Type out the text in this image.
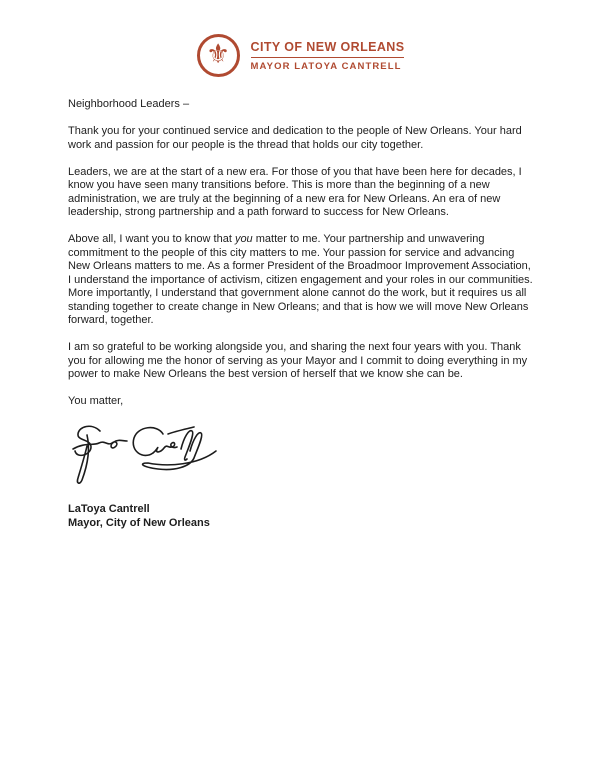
⚜ CITY OF NEW ORLEANS
MAYOR LATOYA CANTRELL

Neighborhood Leaders –

Thank you for your continued service and dedication to the people of New Orleans. Your hard work and passion for our people is the thread that holds our city together.

Leaders, we are at the start of a new era. For those of you that have been here for decades, I know you have seen many transitions before. This is more than the beginning of a new administration, we are truly at the beginning of a new era for New Orleans. An era of new leadership, strong partnership and a path forward to success for New Orleans.

Above all, I want you to know that you matter to me. Your partnership and unwavering commitment to the people of this city matters to me. Your passion for service and advancing New Orleans matters to me. As a former President of the Broadmoor Improvement Association, I understand the importance of activism, citizen engagement and your roles in our communities. More importantly, I understand that government alone cannot do the work, but it requires us all standing together to create change in New Orleans; and that is how we will move New Orleans forward, together.

I am so grateful to be working alongside you, and sharing the next four years with you. Thank you for allowing me the honor of serving as your Mayor and I commit to doing everything in my power to make New Orleans the best version of herself that we know she can be.

You matter,

LaToya Cantrell
Mayor, City of New Orleans
